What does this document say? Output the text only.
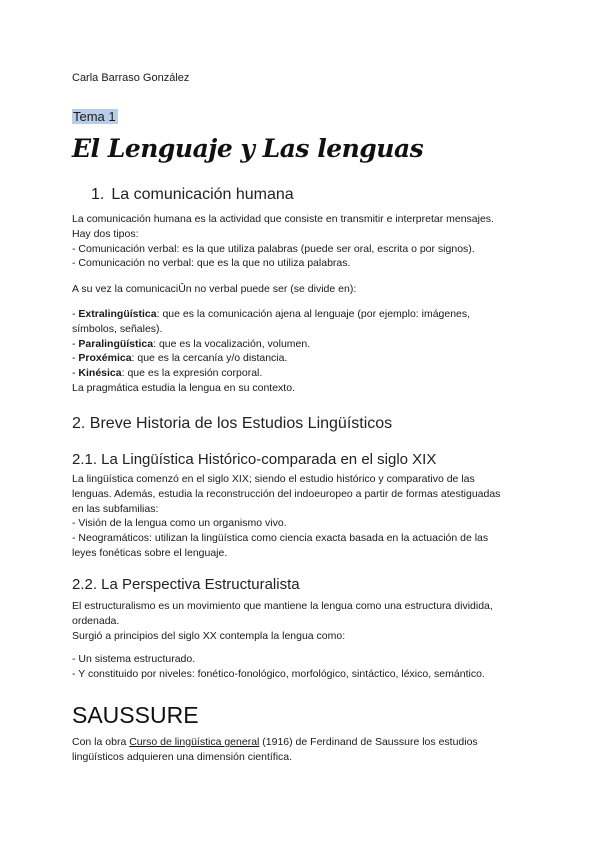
Carla Barraso González
Tema 1
El Lenguaje y Las lenguas
1. La comunicación humana
La comunicación humana es la actividad que consiste en transmitir e interpretar mensajes.
Hay dos tipos:
- Comunicación verbal: es la que utiliza palabras (puede ser oral, escrita o por signos).
- Comunicación no verbal: que es la que no utiliza palabras.
A su vez la comunicaciÛn no verbal puede ser (se divide en):
- Extralingüística: que es la comunicación ajena al lenguaje (por ejemplo: imágenes,
símbolos, señales).
- Paralingüística: que es la vocalización, volumen.
- Proxémica: que es la cercanía y/o distancia.
- Kinésica: que es la expresión corporal.
La pragmática estudia la lengua en su contexto.
2. Breve Historia de los Estudios Lingüísticos
2.1. La Lingüística Histórico-comparada en el siglo XIX
La lingüística comenzó en el siglo XIX; siendo el estudio histórico y comparativo de las
lenguas. Además, estudia la reconstrucción del indoeuropeo a partir de formas atestiguadas
en las subfamilias:
- Visión de la lengua como un organismo vivo.
- Neogramáticos: utilizan la lingüística como ciencia exacta basada en la actuación de las
leyes fonéticas sobre el lenguaje.
2.2. La Perspectiva Estructuralista
El estructuralismo es un movimiento que mantiene la lengua como una estructura dividida,
ordenada.
Surgió a principios del siglo XX contempla la lengua como:
- Un sistema estructurado.
- Y constituido por niveles: fonético-fonológico, morfológico, sintáctico, léxico, semántico.
SAUSSURE
Con la obra Curso de lingüística general (1916) de Ferdinand de Saussure los estudios
lingüísticos adquieren una dimensión científica.
